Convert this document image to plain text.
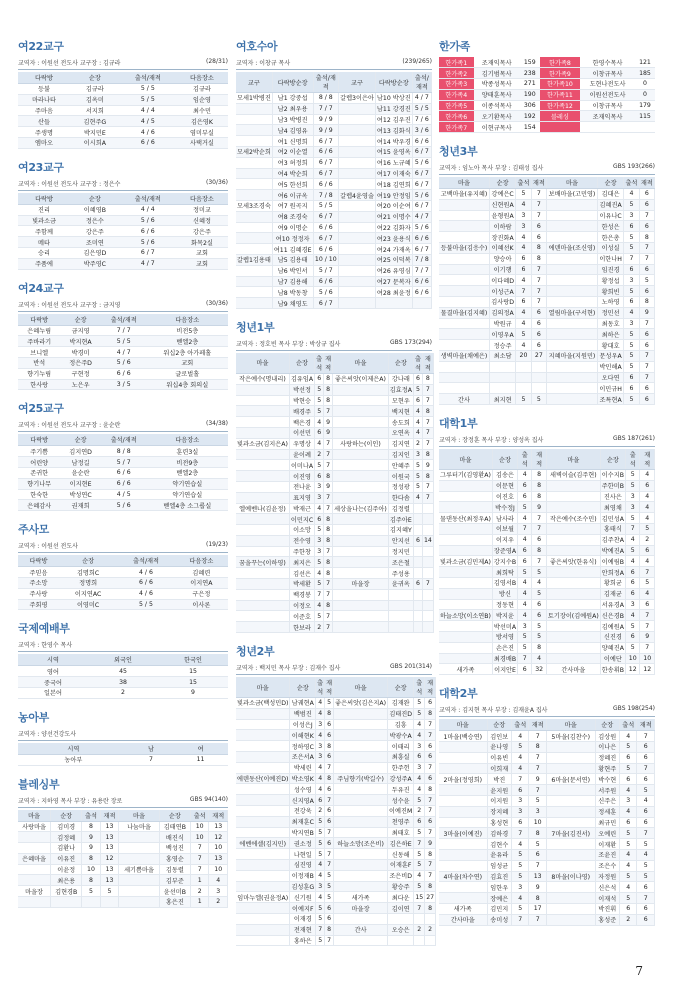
여22교구
교역자 : 이원선 전도사 교구장 : 김규라	(28/31)
다락방	순장	출석/재적	다음장소
등불	김규라	5 / 5	김규라
마라나타	김옥미	5 / 5	임순영
주마음	서지희	4 / 4	최수민
산들	김현주G	4 / 5	김은영K
주생명	박지민E	4 / 6	염미부실
엠마오	이시희A	6 / 6	사택거실
여23교구
교역자 : 이원선 전도사 교구장 : 정은수	(30/36)
다락방	순장	출석/재적	다음장소
진리	이혜영B	4 / 4	정미교
빛과소금	정은수	5 / 6	신혜정
주함께	강은주	6 / 6	강은주
메타	조미연	5 / 6	화목2실
승리	김은영D	6 / 7	교회
주품에	박주영C	4 / 7	교회
여24교구
교역자 : 이원선 전도사 교구장 : 금지영	(30/36)
다락방	순장	출석/재적	다음장소
은혜누림	금지영	7 / 7	비전5층
주바라기	박지현A	5 / 5	벧엘2층
브니엘	박경미	4 / 7	워십2층 아가페홀
반석	정은주D	5 / 6	교회
향기누림	구현정	6 / 6	글로벌홀
한사랑	노은우	3 / 5	워십4층 회의실
여25교구
교역자 : 이원선 전도사 교구장 : 윤순란	(34/38)
다락방	순장	출석/재적	다음장소
주기쁨	김지연D	8 / 8	훈련3실
어린양	남정길	5 / 7	비전9층
존귀한	윤순란	6 / 6	벧엘2층
향기나무	이지현E	6 / 6	약기연습실
한숙한	박성연C	4 / 5	약기연습실
은혜감사	권재희	5 / 6	벧엘4층 소그룹실
주사모
교역자 : 이원선 전도사	(19/23)
다락방	순장	출석/재적	다음장소
주믿음	김명희C	4 / 6	김혜련
주소망	정명희	6 / 6	이지연A
주사랑	이지연AC	4 / 6	구은정
주회평	이영미C	5 / 5	이사론
국제예배부
교역자 : 한영수 목사
시역	외국인	한국인
영어	45	15
중국어	38	15
일본어	2	9
농아부
교역자 : 양선건강도사
시역	남	여
농아부	7	11
블레싱부
교역자 : 지하영 목사 부장 : 유용란 장로	GBS 94(140)
마을	순장	출석	재적	마을	순장	출석	재적
사랑마을	김미경	8	13	나눔마을	김태연B	10	13
	김정혜	9	13		배진식	10	12
	김환나	9	13		백성진	7	10
은혜마을	이유진	8	12		홍영순	7	13
	이윤정	10	13	세기쁨마을	김동렬	7	10
	최은용	8	13		김부준	1	4
마을장	김현경B	5	5		윤선미B	2	3
					홍은진	1	2
여호수아
교역자 : 이창규 목사	(239/265)
교구	다락방순장	출석/재적	교구	다락방순장	출석/재적
모세1박병진	남1 강중섭	8 / 8	갈렙3이은아	남10 박상진	4 / 7
	남2 최우용	7 / 7		남11 강경진	5 / 5
	남3 박병진	9 / 9		여12 김우진	7 / 6
	남4 김영유	9 / 9		여13 김화식	3 / 6
	여1 신명희	6 / 7		여14 박우경	6 / 6
모세2박순희	여2 이순열	6 / 6		여15 윤영옥	6 / 7
	여3 허정희	6 / 7		여16 노규혜	5 / 6
	여4 박순희	6 / 7		여17 이재숙	6 / 7
	여5 한선희	6 / 6		여18 김연희	6 / 7
	여6 이규옥	7 / 8	갈렙4윤영술	여19 안정임	5 / 6
모세3조경숙	여7 원곡지	5 / 5		여20 이순여	6 / 7
	여8 조경숙	6 / 7		여21 이명수	4 / 7
	여9 이명순	6 / 6		여22 김화자	5 / 6
	여10 정정자	6 / 7		여23 윤용식	6 / 6
	여11 김혜경E	6 / 6		여24 가재옥	6 / 7
갈렙1김용태	남5 김용태	10 / 10		여25 이덕복	7 / 8
	남6 박인서	5 / 7		여26 유영심	7 / 7
	남7 김용해	6 / 6		여27 문복자	6 / 6
	남8 박동창	5 / 6		여28 최윤정	6 / 6
	남9 채영도	6 / 7			
청년1부
교역자 : 정호빈 목사 부장 : 박상규 집사	GBS 173(294)
마을	순장	출석	재적	마을	순장	출석	재적
작은예수(명내리)	김유임A	6	8	좋은씨앗(이제은A)	강나래	6	8
	박선정	5	8		김효정A	5	7
	박현승	5	8		모현우	6	7
	배경주	5	7		백지현	4	8
	백은경	4	9		송도희	4	7
	이선민	6	9		오연옥	4	7
빛과소금(김지은A)	우명상	4	7	사랑하는(이인)	김지연	2	7
	윤이례	2	7		김지인	3	8
	이미나A	5	7		안혜주	5	9
	이진영	6	8		이원국	5	8
	전나윤	3	9		정성광	5	7
	표지영	3	7		한다솜	4	7
엘예벤나(김윤정)	박재근	4	7	세상을나는(김주아)	김정렬		
	이민지C	6	8		김주아E		
	이소망	5	8		김지혜Y		
	전수영	3	8		안지선	6	14
	주한창	3	7		정지민		
꿈을꾸는(이하영)	최지은	5	8		조은철		
	김선은	4	8		주성용		
	박세환	5	7	마을장	윤귀옥	6	7
	백경봉	7	7				
	이정오	4	8				
	이준호	5	7				
	한보라	2	7				
청년2부
교역자 : 백지민 목사 부장 : 김재수 집사	GBS 201(314)
마을	순장	출석	재적	마을	순장	출석	재적
빛과소금(백성민D)	남궤현A	4	5	좋은씨앗(김은지A)	김재완	5	6
	백범진	4	8		김태진D	5	8
	이성은J	3	6		김흥	4	7
	이해현K	4	6		박광수A	4	7
	정하영C	3	8		이태리	3	6
	조은서A	3	6		최흥실	6	6
	박세린	4	7		한주헌	3	7
에덴동산(이예진D)	박소영K	4	8	주님향기(박길수)	강성주A	4	6
	성수영	4	6		두유진	4	8
	신지영A	6	7		성수윤	5	7
	전강욱	2	6		이예진M	2	7
	최재훈C	5	6		천영주	6	6
	박지연B	5	7		최태호	5	7
에벤에셀(김지민)	권소정	5	6	하늘소망(조은비)	김은하E	7	9
	나현일	5	7		신동해	5	8
	심진영	4	7		이재훈F	5	7
	이정재B	4	5		조은비D	4	7
	김성훈G	3	5		황승주	5	8
임마누엘(권윤정A)	신기원	4	5	새가족	최다운	15	27
	이예지F	5	6	마을장	김이연	7	8
	이재경	5	6				
	전재현	7	8	간사	오승은	2	2
	홍하은	5	7				
한가족
한가족1	조재익목사	159	한가족8	한영수목사	121
한가족2	김기범목사	238	한가족9	이창규목사	185
한가족3	박종성목사	271	한가족10	도현나전도사	0
한가족4	양태훈목사	190	한가족11	이원선전도사	0
한가족5	이종석목사	306	한가족12	이창규목사	179
한가족6	오기환목사	192	블레싱	조재익목사	115
한가족7	이현규목사	154			
청년3부
교역자 : 임노아 목사 부장 : 김태성 집사	GBS 193(266)
마을	순장	출석	재적	마을	순장	출석	재적
고백마을(유지혜)	강예은C	5	7	보배마을(고민영)	김대은	4	6
	신현원A	4	7		김혜진A	5	6
	윤형원A	3	7		이유나C	3	7
	이하람	3	6		한성은	6	6
	장진화A	4	6		한은총	5	8
등불마을(김응수)	이혜선K	4	8	에덴마을(조신영)	이성실	5	7
	양승아	6	8		이한나H	7	7
	이기행	6	7		임진경	6	6
	이다혜D	4	7		황정섭	3	5
	이성근A	7	7		황희빈	5	6
	김사랑D	6	7		노하영	6	8
물결마을(김지혜)	김의정A	4	6	열림마을(구서현)	정민선	4	9
	박원규	4	6		최동호	3	7
	이영우A	5	6		최하은	5	6
	정승주	4	6		황대호	5	6
생벽마을(채예은)	최소담	20	27	지혜마을(지원민)	문성우A	5	7
					박민해A	5	7
					오다연	6	7
					이민규H	6	6
간사	최지현	5	5		조특현A	5	6
대학1부
교역자 : 장정훈 목사 부장 : 양성옥 집사	GBS 187(261)
마을	순장	출석	재적	마을	순장	출석	재적
그루터기(김영환A)	김송은	4	8	새벽이슬(김주현)	이수지B	5	4
	이문현	6	8		주한미B	5	6
	이진호	6	8		진사은	3	4
	박수정J	5	9		최영채	3	4
물댄동산(최정우A)	남사라	4	7	작은예수(조수민)	김민성A	5	4
	이보월	7	7		홍태식	7	5
	이지우	4	6		김주찬A	4	2
	장준영A	6	8		박예진A	5	6
빛과소금(김민제A)	강지수B	6	7	좋은씨앗(한유식)	이예림B	4	4
	최희탁	5	5		안희정A	6	7
	김영서B	4	4		황희균	6	5
	방신	4	5		김재균	6	4
	정동현	4	6		서유경A	3	6
하늘소망(이소연B)	박지윤	4	6	토기장이(김예원A)	신은경B	4	7
	박선미A	3	5		김예원A	5	7
	방서영	5	5		신진경	6	9
	손은진	5	8		양혜진A	5	7
	최경배B	7	4		이예단	10	10
새가족	이지안E	6	32	간사마을	한송휘B	12	12
대학2부
교역자 : 김지현 목사 부장 : 김재윤A 집사	GBS 198(254)
마을	순장	출석	재적	마을	순장	출석	재적
1마을(백승연)	김인보	4	7	5마을(김찬수)	김상원	4	7
	윤나영	5	8		이나은	5	6
	이유빈	4	7		정혜진	6	6
	이희재	4	7		황현주	5	7
2마을(정영희)	박진	7	9	6마을(문서연)	박수현	6	6
	윤지원	6	7		서주원	4	5
	이지원	3	5		신주은	3	4
	장지혜	3	3		정세훈	4	6
	홍성현	6	10		최규민	6	6
3마을(이예진)	김하경	7	8	7마을(김진서)	오예린	5	7
	김현수	4	5		이재환	5	5
	윤유라	5	6		조윤진	4	4
	임성균	5	7		조은수	4	5
4마을(차수연)	김효진	5	13	8마을(이나영)	자정원	5	5
	임한우	3	9		신은석	4	6
	장예은	4	8		이재석	5	7
새가족	김민지	5	17		박진휘	6	6
간사마을	송미성	7	7		홍성준	2	6
7
